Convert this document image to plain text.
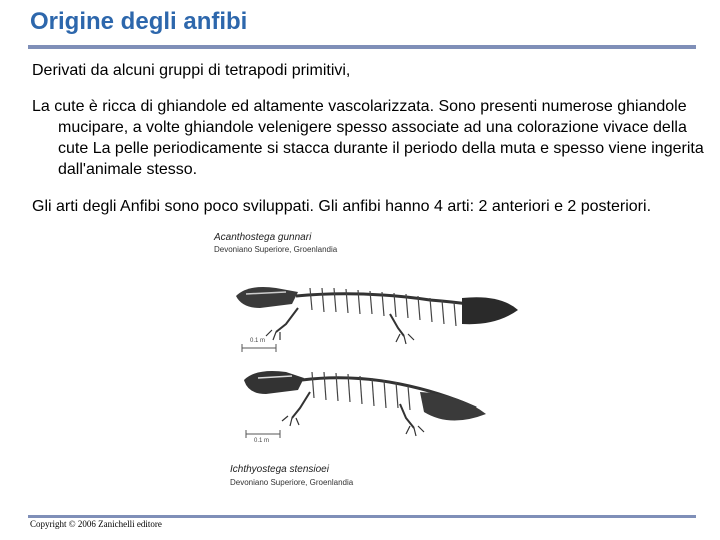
Origine degli anfibi

Derivati da alcuni gruppi di tetrapodi primitivi,

La cute è ricca di ghiandole ed altamente vascolarizzata. Sono presenti numerose ghiandole mucipare, a volte ghiandole velenigere spesso associate ad una colorazione vivace della cute La pelle periodicamente si stacca durante il periodo della muta e spesso viene ingerita dall'animale stesso.

Gli arti degli Anfibi sono poco sviluppati. Gli anfibi hanno 4 arti: 2 anteriori e 2 posteriori.

Acanthostega gunnari
Devoniano Superiore, Groenlandia
0.1 m
0.1 m
Ichthyostega stensioei
Devoniano Superiore, Groenlandia
Copyright © 2006 Zanichelli editore
